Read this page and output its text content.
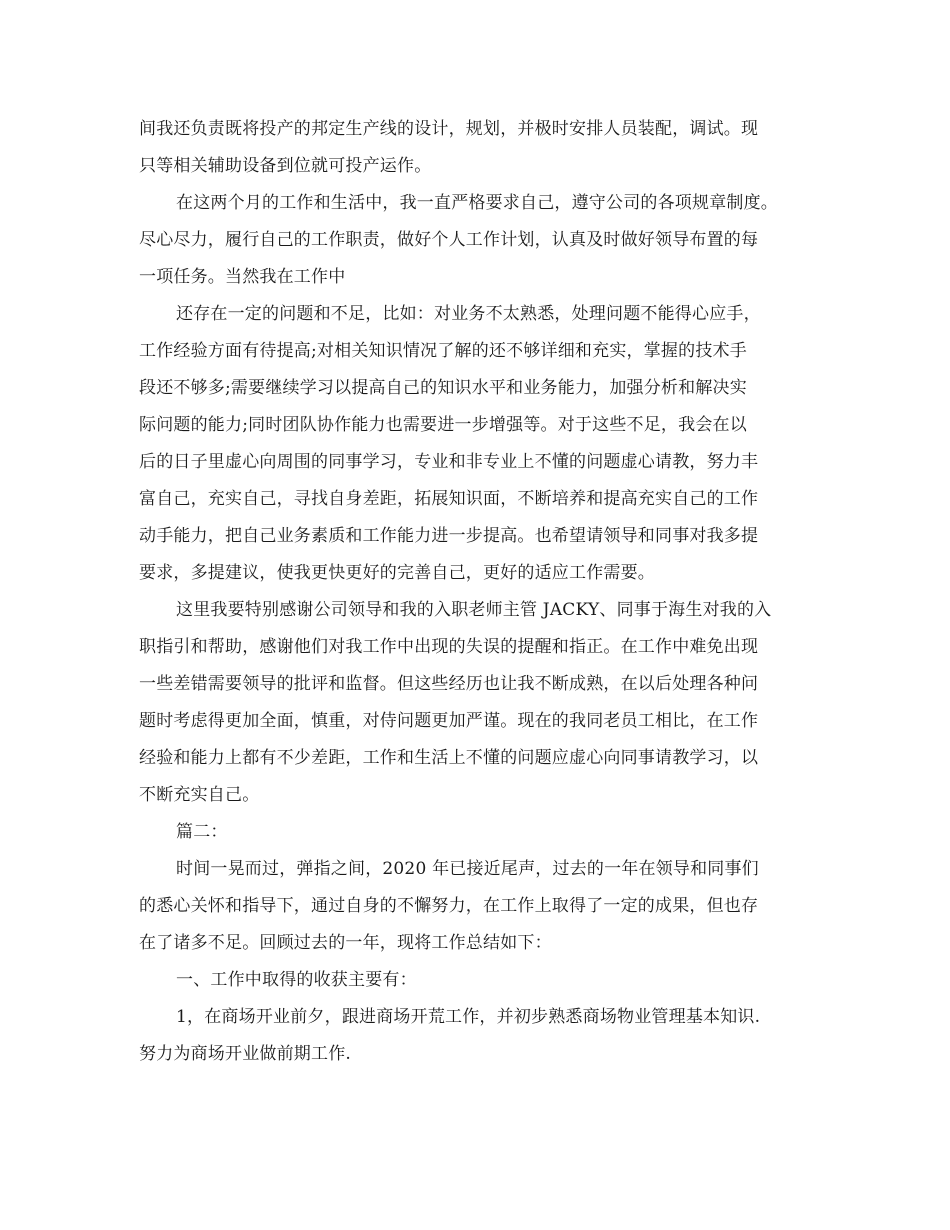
间我还负责既将投产的邦定生产线的设计，规划，并极时安排人员装配，调试。现
只等相关辅助设备到位就可投产运作。
在这两个月的工作和生活中，我一直严格要求自己，遵守公司的各项规章制度。
尽心尽力，履行自己的工作职责，做好个人工作计划，认真及时做好领导布置的每
一项任务。当然我在工作中
还存在一定的问题和不足，比如：对业务不太熟悉，处理问题不能得心应手，
工作经验方面有待提高;对相关知识情况了解的还不够详细和充实，掌握的技术手
段还不够多;需要继续学习以提高自己的知识水平和业务能力，加强分析和解决实
际问题的能力;同时团队协作能力也需要进一步增强等。对于这些不足，我会在以
后的日子里虚心向周围的同事学习，专业和非专业上不懂的问题虚心请教，努力丰
富自己，充实自己，寻找自身差距，拓展知识面，不断培养和提高充实自己的工作
动手能力，把自己业务素质和工作能力进一步提高。也希望请领导和同事对我多提
要求，多提建议，使我更快更好的完善自己，更好的适应工作需要。
这里我要特别感谢公司领导和我的入职老师主管 JACKY、同事于海生对我的入
职指引和帮助，感谢他们对我工作中出现的失误的提醒和指正。在工作中难免出现
一些差错需要领导的批评和监督。但这些经历也让我不断成熟，在以后处理各种问
题时考虑得更加全面，慎重，对侍问题更加严谨。现在的我同老员工相比，在工作
经验和能力上都有不少差距，工作和生活上不懂的问题应虚心向同事请教学习，以
不断充实自己。
篇二：
时间一晃而过，弹指之间，2020 年已接近尾声，过去的一年在领导和同事们
的悉心关怀和指导下，通过自身的不懈努力，在工作上取得了一定的成果，但也存
在了诸多不足。回顾过去的一年，现将工作总结如下：
一、工作中取得的收获主要有：
1，在商场开业前夕，跟进商场开荒工作，并初步熟悉商场物业管理基本知识.
努力为商场开业做前期工作.
